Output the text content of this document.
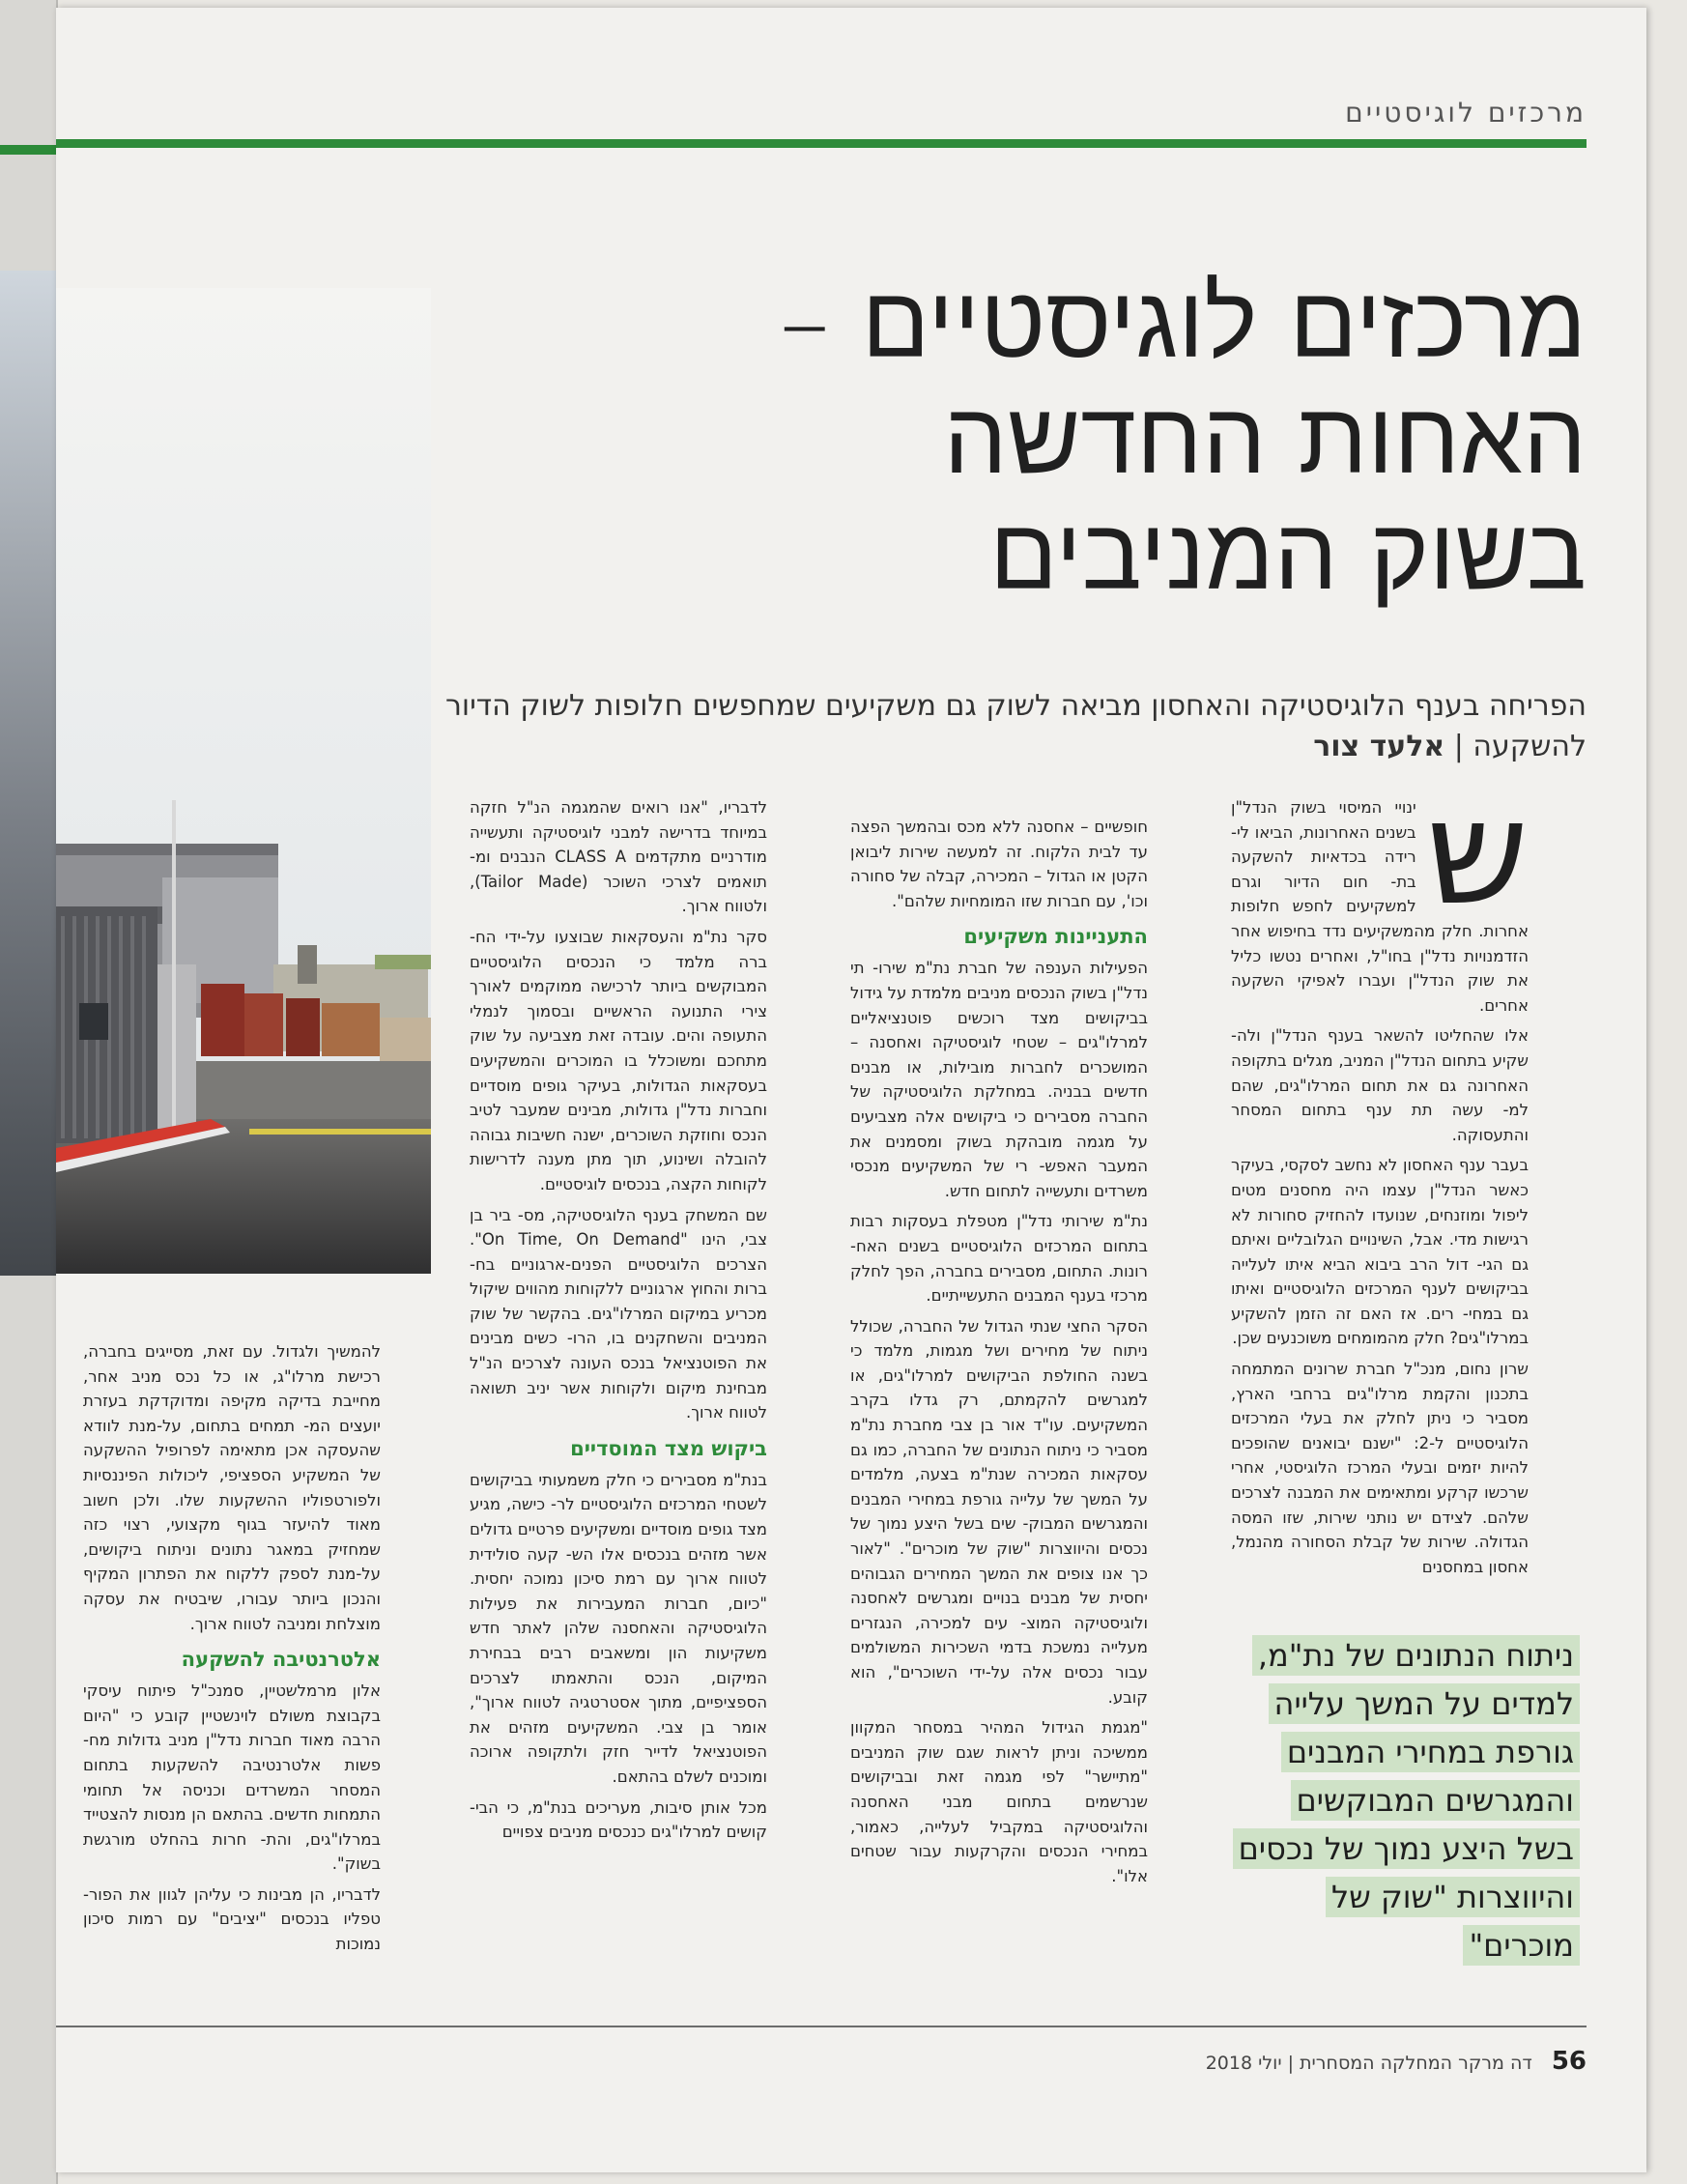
מרכזים לוגיסטיים
מרכזים לוגיסטיים –
האחות החדשה
בשוק המניבים
הפריחה בענף הלוגיסטיקה והאחסון מביאה לשוק גם משקיעים שמחפשים חלופות לשוק הדיור להשקעה | אלעד צור
ש

ינויי המיסוי בשוק הנדל"ן בשנים האחרונות, הביאו לי- רידה בכדאיות להשקעה בת- חום הדיור וגרם למשקיעים לחפש חלופות אחרות. חלק מהמשקיעים נדד בחיפוש אחר הזדמנויות נדל"ן בחו"ל, ואחרים נטשו כליל את שוק הנדל"ן ועברו לאפיקי השקעה אחרים.

אלו שהחליטו להשאר בענף הנדל"ן ולה- שקיע בתחום הנדל"ן המניב, מגלים בתקופה האחרונה גם את תחום המרלו"גים, שהם למ- עשה תת ענף בתחום המסחר והתעסוקה.

בעבר ענף האחסון לא נחשב לסקסי, בעיקר כאשר הנדל"ן עצמו היה מחסנים מטים ליפול ומוזנחים, שנועדו להחזיק סחורות לא רגישות מדי. אבל, השינויים הגלובליים ואיתם גם הגי- דול הרב ביבוא הביא איתו לעלייה בביקושים לענף המרכזים הלוגיסטיים ואיתו גם במחי- רים. אז האם זה הזמן להשקיע במרלו"גים? חלק מהמומחים משוכנעים שכן.

שרון נחום, מנכ"ל חברת שרונים המתמחה בתכנון והקמת מרלו"גים ברחבי הארץ, מסביר כי ניתן לחלק את בעלי המרכזים הלוגיסטיים ל-2: "ישנם יבואנים שהופכים להיות יזמים ובעלי המרכז הלוגיסטי, אחרי שרכשו קרקע ומתאימים את המבנה לצרכים שלהם. לצידם יש נותני שירות, שזו המסה הגדולה. שירות של קבלת הסחורה מהנמל, אחסון במחסנים

חופשיים – אחסנה ללא מכס ובהמשך הפצה עד לבית הלקוח. זה למעשה שירות ליבואן הקטן או הגדול – המכירה, קבלה של סחורה וכו', עם חברות שזו המומחיות שלהם".

התעניינות משקיעים

הפעילות הענפה של חברת נת"מ שירו- תי נדל"ן בשוק הנכסים מניבים מלמדת על גידול בביקושים מצד רוכשים פוטנציאליים למרלו"גים – שטחי לוגיסטיקה ואחסנה – המושכרים לחברות מובילות, או מבנים חדשים בבניה. במחלקת הלוגיסטיקה של החברה מסבירים כי ביקושים אלה מצביעים על מגמה מובהקת בשוק ומסמנים את המעבר האפש- רי של המשקיעים מנכסי משרדים ותעשייה לתחום חדש.

נת"מ שירותי נדל"ן מטפלת בעסקות רבות בתחום המרכזים הלוגיסטיים בשנים האח- רונות. התחום, מסבירים בחברה, הפך לחלק מרכזי בענף המבנים התעשייתיים.

הסקר החצי שנתי הגדול של החברה, שכולל ניתוח של מחירים ושל מגמות, מלמד כי בשנה החולפת הביקושים למרלו"גים, או למגרשים להקמתם, רק גדלו בקרב המשקיעים. עו"ד אור בן צבי מחברת נת"מ מסביר כי ניתוח הנתונים של החברה, כמו גם עסקאות המכירה שנת"מ בצעה, מלמדים על המשך של עלייה גורפת במחירי המבנים והמגרשים המבוק- שים בשל היצע נמוך של נכסים והיווצרות "שוק של מוכרים". "לאור כך אנו צופים את המשך המחירים הגבוהים יחסית של מבנים בנויים ומגרשים לאחסנה ולוגיסטיקה המוצ- עים למכירה, הנגזרים מעלייה נמשכת בדמי השכירות המשולמים עבור נכסים אלה על-ידי השוכרים", הוא קובע.

"מגמת הגידול המהיר במסחר המקוון ממשיכה וניתן לראות שגם שוק המניבים "מתיישר" לפי מגמה זאת ובביקושים שנרשמים בתחום מבני האחסנה והלוגיסטיקה במקביל לעלייה, כאמור, במחירי הנכסים והקרקעות עבור שטחים אלו".

לדבריו, "אנו רואים שהמגמה הנ"ל חזקה במיוחד בדרישה למבני לוגיסטיקה ותעשייה מודרניים מתקדמים CLASS A הנבנים ומ- תואמים לצרכי השוכר (Tailor Made), ולטווח ארוך.

סקר נת"מ והעסקאות שבוצעו על-ידי הח- ברה מלמד כי הנכסים הלוגיסטיים המבוקשים ביותר לרכישה ממוקמים לאורך צירי התנועה הראשיים ובסמוך לנמלי התעופה והים. עובדה זאת מצביעה על שוק מתחכם ומשוכלל בו המוכרים והמשקיעים בעסקאות הגדולות, בעיקר גופים מוסדיים וחברות נדל"ן גדולות, מבינים שמעבר לטיב הנכס וחוזקת השוכרים, ישנה חשיבות גבוהה להובלה ושינוע, תוך מתן מענה לדרישות לקוחות הקצה, בנכסים לוגיסטיים.

שם המשחק בענף הלוגיסטיקה, מס- ביר בן צבי, הינו "On Time, On Demand". הצרכים הלוגיסטיים הפנים-ארגוניים בח- ברות והחוץ ארגוניים ללקוחות מהווים שיקול מכריע במיקום המרלו"גים. בהקשר של שוק המניבים והשחקנים בו, הרו- כשים מבינים את הפוטנציאל בנכס העונה לצרכים הנ"ל מבחינת מיקום ולקוחות אשר יניב תשואה לטווח ארוך.

ביקוש מצד המוסדיים

בנת"מ מסבירים כי חלק משמעותי בביקושים לשטחי המרכזים הלוגיסטיים לר- כישה, מגיע מצד גופים מוסדיים ומשקיעים פרטיים גדולים אשר מזהים בנכסים אלו הש- קעה סולידית לטווח ארוך עם רמת סיכון נמוכה יחסית. "כיום, חברות המעבירות את פעילות הלוגיסטיקה והאחסנה שלהן לאתר חדש משקיעות הון ומשאבים רבים בבחירת המיקום, הנכס והתאמתו לצרכים הספציפיים, מתוך אסטרטגיה לטווח ארוך", אומר בן צבי. המשקיעים מזהים את הפוטנציאל לדייר חזק ולתקופה ארוכה ומוכנים לשלם בהתאם.

מכל אותן סיבות, מעריכים בנת"מ, כי הבי- קושים למרלו"גים כנכסים מניבים צפויים

להמשיך ולגדול. עם זאת, מסייגים בחברה, רכישת מרלו"ג, או כל נכס מניב אחר, מחייבת בדיקה מקיפה ומדוקדקת בעזרת יועצים המ- תמחים בתחום, על-מנת לוודא שהעסקה אכן מתאימה לפרופיל ההשקעה של המשקיע הספציפי, ליכולות הפיננסיות ולפורטפוליו ההשקעות שלו. ולכן חשוב מאוד להיעזר בגוף מקצועי, רצוי כזה שמחזיק במאגר נתונים וניתוח ביקושים, על-מנת לספק ללקוח את הפתרון המקיף והנכון ביותר עבורו, שיבטיח את עסקה מוצלחת ומניבה לטווח ארוך.

אלטרנטיבה להשקעה

אלון מרמלשטיין, סמנכ"ל פיתוח עיסקי בקבוצת משולם לוינשטיין קובע כי "היום הרבה מאוד חברות נדל"ן מניב גדולות מח- פשות אלטרנטיבה להשקעות בתחום המסחר המשרדים וכניסה אל תחומי התמחות חדשים. בהתאם הן מנסות להצטייד במרלו"גים, והת- חרות בהחלט מורגשת בשוק".

לדבריו, הן מבינות כי עליהן לגוון את הפור- טפליו בנכסים "יציבים" עם רמות סיכון נמוכות

ניתוח הנתונים של נת"מ, למדים על המשך עלייה גורפת במחירי המבנים והמגרשים המבוקשים בשל היצע נמוך של נכסים והיווצרות "שוק של מוכרים"
56 דה מרקר המחלקה המסחרית | יולי 2018
